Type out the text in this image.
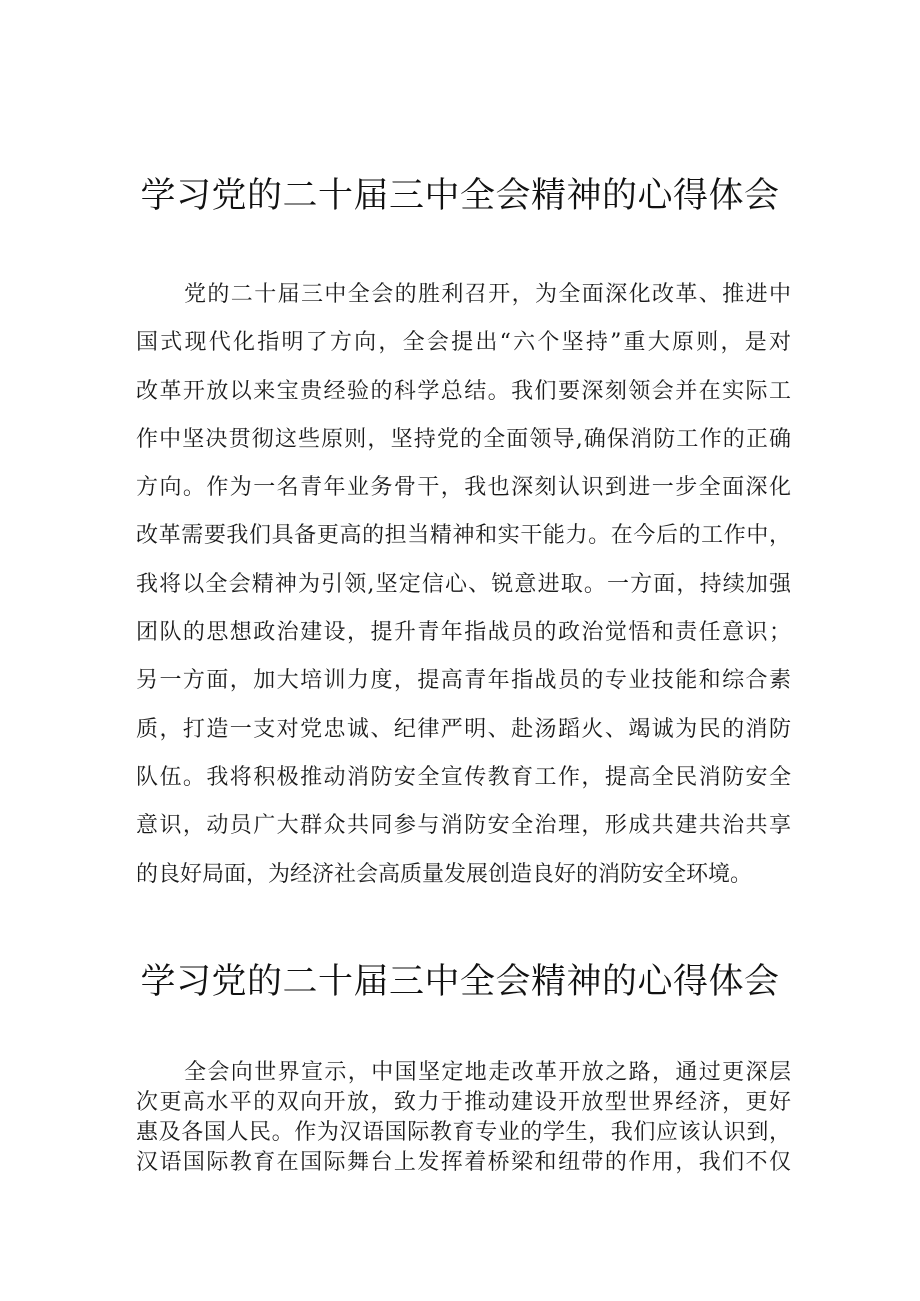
学习党的二十届三中全会精神的心得体会
党的二十届三中全会的胜利召开，为全面深化改革、推进中
国式现代化指明了方向，全会提出“六个坚持”重大原则，是对
改革开放以来宝贵经验的科学总结。我们要深刻领会并在实际工
作中坚决贯彻这些原则，坚持党的全面领导,确保消防工作的正确
方向。作为一名青年业务骨干，我也深刻认识到进一步全面深化
改革需要我们具备更高的担当精神和实干能力。在今后的工作中，
我将以全会精神为引领,坚定信心、锐意进取。一方面，持续加强
团队的思想政治建设，提升青年指战员的政治觉悟和责任意识；
另一方面，加大培训力度，提高青年指战员的专业技能和综合素
质，打造一支对党忠诚、纪律严明、赴汤蹈火、竭诚为民的消防
队伍。我将积极推动消防安全宣传教育工作，提高全民消防安全
意识，动员广大群众共同参与消防安全治理，形成共建共治共享
的良好局面，为经济社会高质量发展创造良好的消防安全环境。
学习党的二十届三中全会精神的心得体会
全会向世界宣示，中国坚定地走改革开放之路，通过更深层
次更高水平的双向开放，致力于推动建设开放型世界经济，更好
惠及各国人民。作为汉语国际教育专业的学生，我们应该认识到，
汉语国际教育在国际舞台上发挥着桥梁和纽带的作用，我们不仅
